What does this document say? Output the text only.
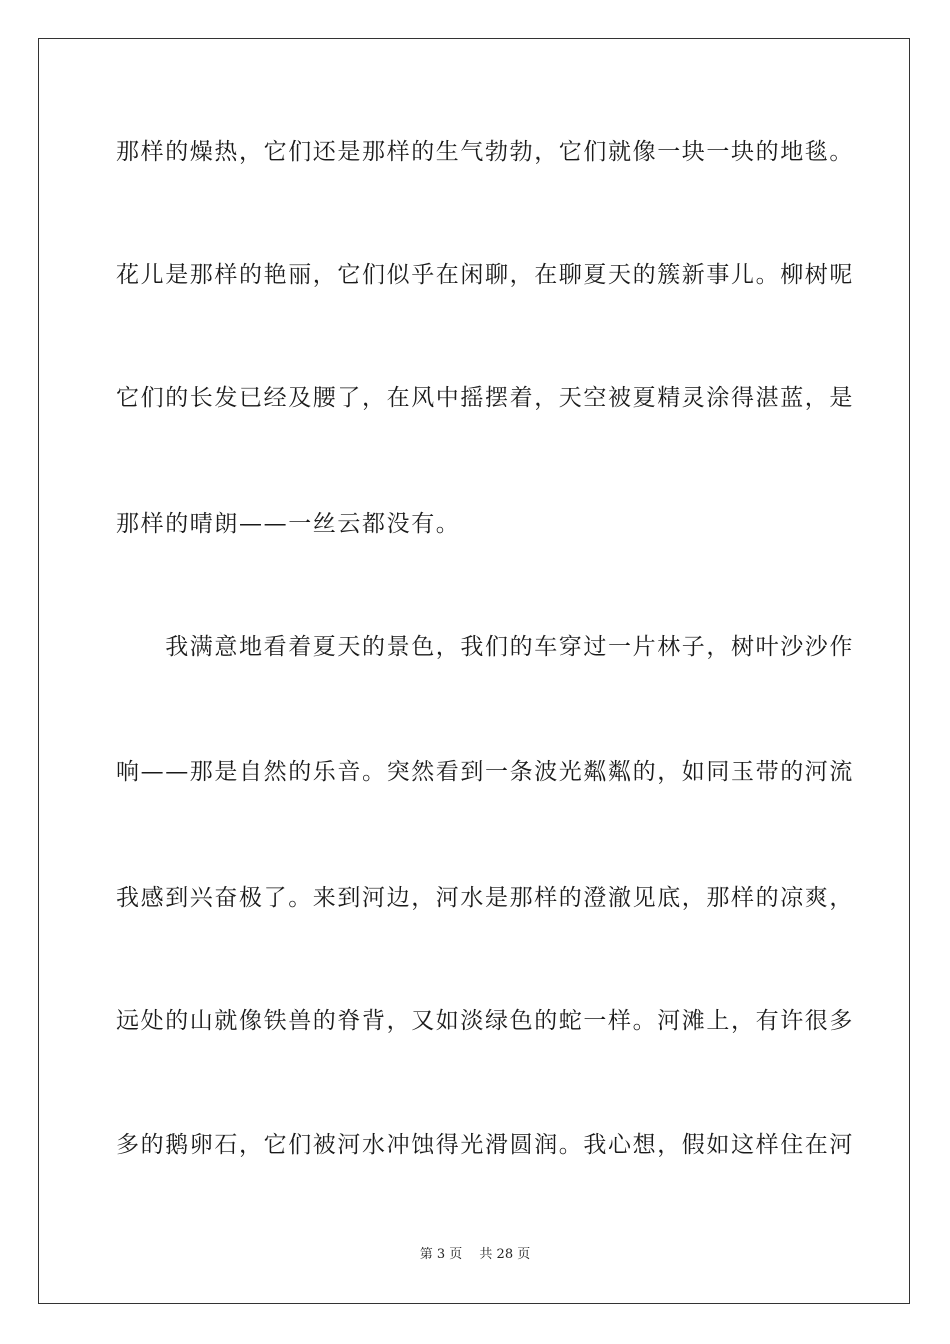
那样的燥热，它们还是那样的生气勃勃，它们就像一块一块的地毯。
花儿是那样的艳丽，它们似乎在闲聊，在聊夏天的簇新事儿。柳树呢
它们的长发已经及腰了，在风中摇摆着，天空被夏精灵涂得湛蓝，是
那样的晴朗——一丝云都没有。
　　我满意地看着夏天的景色，我们的车穿过一片林子，树叶沙沙作
响——那是自然的乐音。突然看到一条波光粼粼的，如同玉带的河流
我感到兴奋极了。来到河边，河水是那样的澄澈见底，那样的凉爽，
远处的山就像铁兽的脊背，又如淡绿色的蛇一样。河滩上，有许很多
多的鹅卵石，它们被河水冲蚀得光滑圆润。我心想，假如这样住在河
第 3 页　 共 28 页
